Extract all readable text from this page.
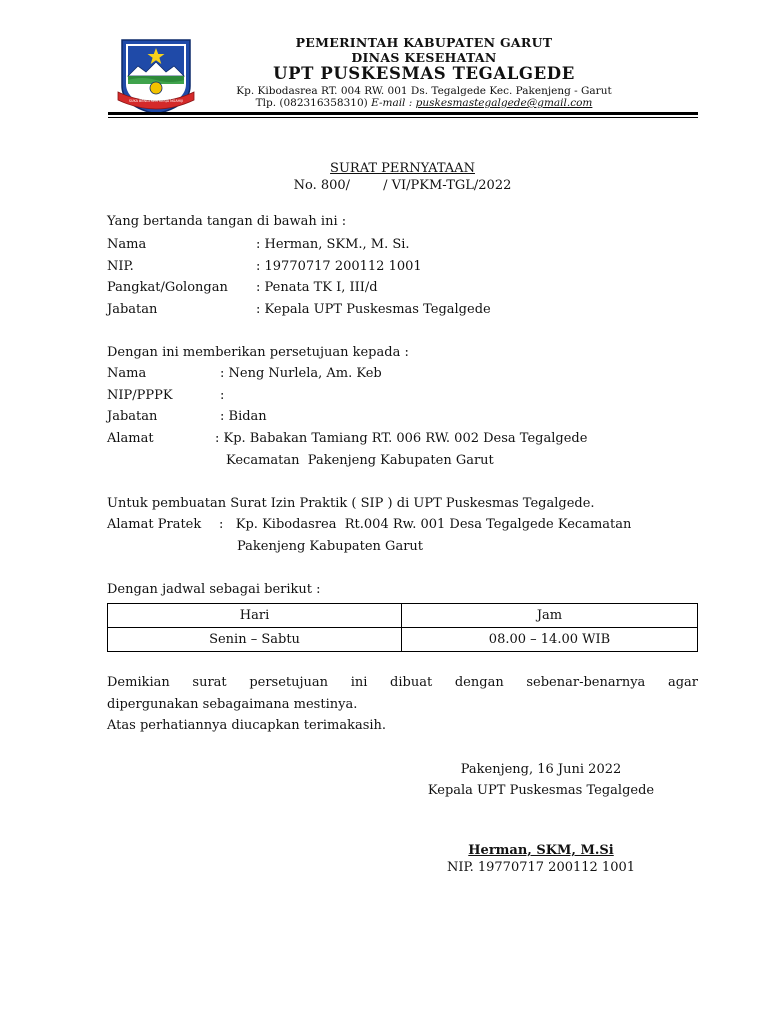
SUKA BENGTREM KERJA NGAHIJI
PEMERINTAH KABUPATEN GARUT
DINAS KESEHATAN
UPT PUSKESMAS TEGALGEDE
Kp. Kibodasrea RT. 004 RW. 001 Ds. Tegalgede Kec. Pakenjeng - Garut
Tlp. (082316358310) E-mail : puskesmastegalgede@gmail.com
SURAT PERNYATAAN
No. 800/        / VI/PKM-TGL/2022
Yang bertanda tangan di bawah ini :
Nama	: Herman, SKM., M. Si.
NIP.	: 19770717 200112 1001
Pangkat/Golongan : Penata TK I, III/d
Jabatan	: Kepala UPT Puskesmas Tegalgede
Dengan ini memberikan persetujuan kepada :
Nama	: Neng Nurlela, Am. Keb
NIP/PPPK	:
Jabatan	: Bidan
Alamat	: Kp. Babakan Tamiang RT. 006 RW. 002 Desa Tegalgede
Kecamatan  Pakenjeng Kabupaten Garut
Untuk pembuatan Surat Izin Praktik ( SIP ) di UPT Puskesmas Tegalgede.
Alamat Pratek :   Kp. Kibodasrea  Rt.004 Rw. 001 Desa Tegalgede Kecamatan
Pakenjeng Kabupaten Garut
Dengan jadwal sebagai berikut :
Hari	Jam
Senin – Sabtu	08.00 – 14.00 WIB
Demikian surat persetujuan ini dibuat dengan sebenar-benarnya agar
dipergunakan sebagaimana mestinya.
Atas perhatiannya diucapkan terimakasih.
Pakenjeng, 16 Juni 2022
Kepala UPT Puskesmas Tegalgede
Herman, SKM, M.Si
NIP. 19770717 200112 1001
